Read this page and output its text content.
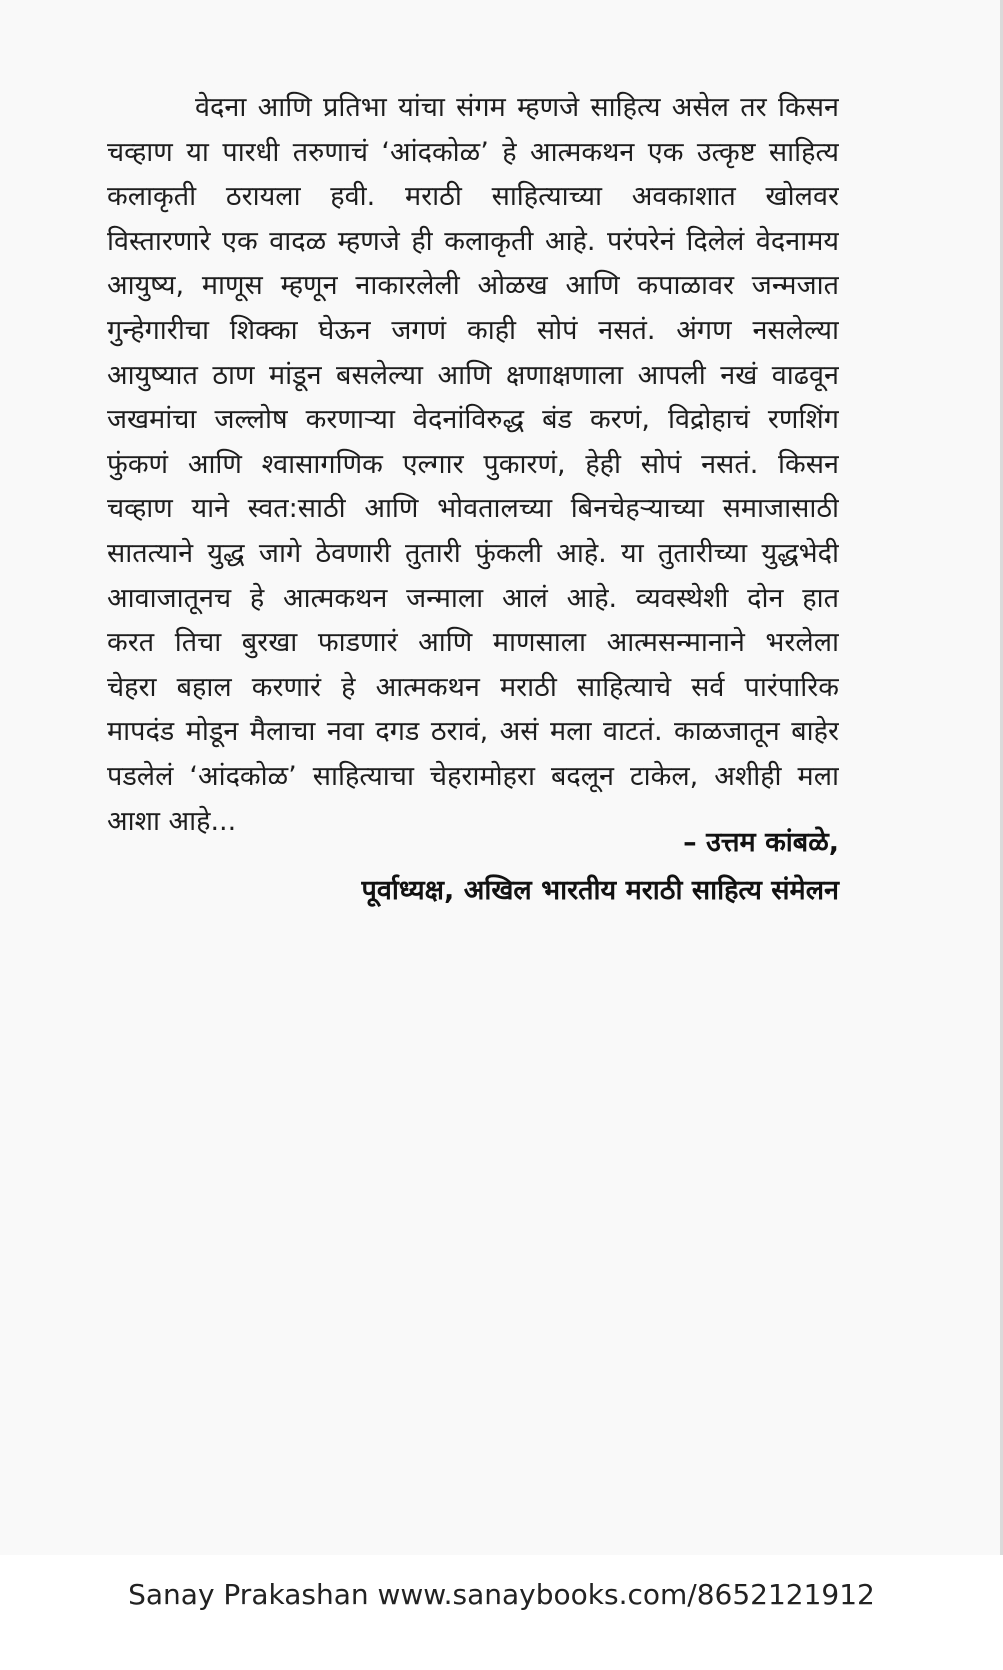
वेदना आणि प्रतिभा यांचा संगम म्हणजे साहित्य असेल तर किसन
चव्हाण या पारधी तरुणाचं ‘आंदकोळ’ हे आत्मकथन एक उत्कृष्ट साहित्य
कलाकृती ठरायला हवी. मराठी साहित्याच्या अवकाशात खोलवर
विस्तारणारे एक वादळ म्हणजे ही कलाकृती आहे. परंपरेनं दिलेलं वेदनामय
आयुष्य, माणूस म्हणून नाकारलेली ओळख आणि कपाळावर जन्मजात
गुन्हेगारीचा शिक्का घेऊन जगणं काही सोपं नसतं. अंगण नसलेल्या
आयुष्यात ठाण मांडून बसलेल्या आणि क्षणाक्षणाला आपली नखं वाढवून
जखमांचा जल्लोष करणाऱ्या वेदनांविरुद्ध बंड करणं, विद्रोहाचं रणशिंग
फुंकणं आणि श्वासागणिक एल्गार पुकारणं, हेही सोपं नसतं. किसन
चव्हाण याने स्वत:साठी आणि भोवतालच्या बिनचेहऱ्याच्या समाजासाठी
सातत्याने युद्ध जागे ठेवणारी तुतारी फुंकली आहे. या तुतारीच्या युद्धभेदी
आवाजातूनच हे आत्मकथन जन्माला आलं आहे. व्यवस्थेशी दोन हात
करत तिचा बुरखा फाडणारं आणि माणसाला आत्मसन्मानाने भरलेला
चेहरा बहाल करणारं हे आत्मकथन मराठी साहित्याचे सर्व पारंपारिक
मापदंड मोडून मैलाचा नवा दगड ठरावं, असं मला वाटतं. काळजातून बाहेर
पडलेलं ‘आंदकोळ’ साहित्याचा चेहरामोहरा बदलून टाकेल, अशीही मला
आशा आहे...
– उत्तम कांबळे,
पूर्वाध्यक्ष, अखिल भारतीय मराठी साहित्य संमेलन
Sanay Prakashan www.sanaybooks.com/8652121912
